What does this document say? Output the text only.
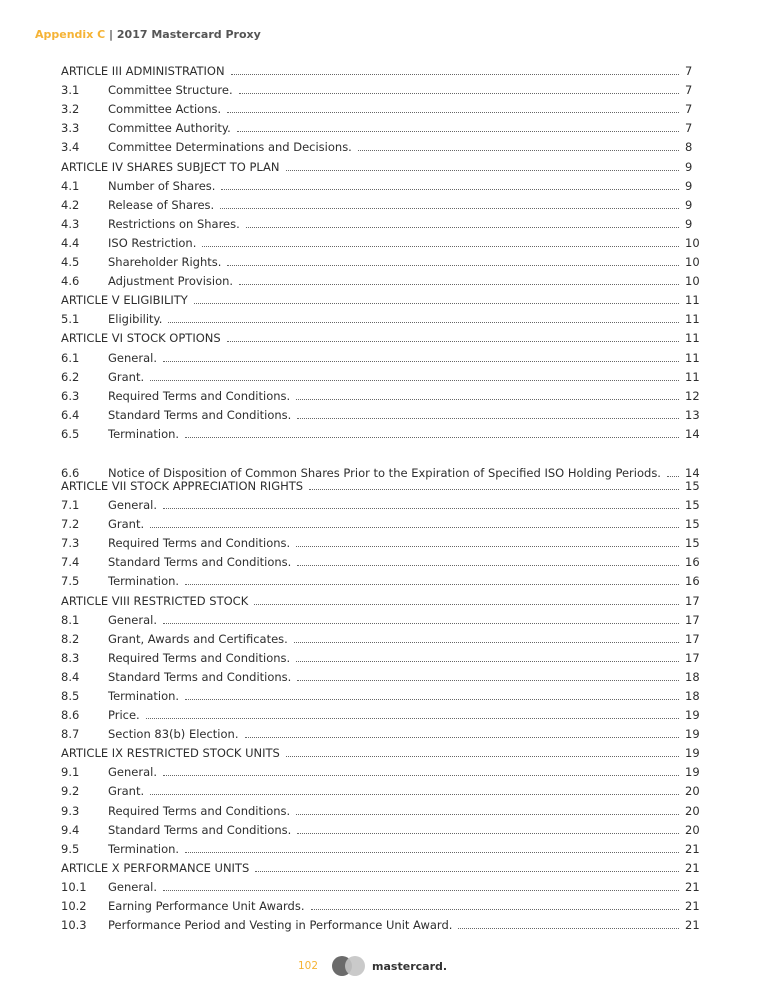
Appendix C | 2017 Mastercard Proxy
ARTICLE III ADMINISTRATION	7
3.1	Committee Structure.	7
3.2	Committee Actions.	7
3.3	Committee Authority.	7
3.4	Committee Determinations and Decisions.	8
ARTICLE IV SHARES SUBJECT TO PLAN	9
4.1	Number of Shares.	9
4.2	Release of Shares.	9
4.3	Restrictions on Shares.	9
4.4	ISO Restriction.	10
4.5	Shareholder Rights.	10
4.6	Adjustment Provision.	10
ARTICLE V ELIGIBILITY	11
5.1	Eligibility.	11
ARTICLE VI STOCK OPTIONS	11
6.1	General.	11
6.2	Grant.	11
6.3	Required Terms and Conditions.	12
6.4	Standard Terms and Conditions.	13
6.5	Termination.	14
6.6	Notice of Disposition of Common Shares Prior to the Expiration of Specified ISO Holding Periods. 14
ARTICLE VII STOCK APPRECIATION RIGHTS	15
7.1	General.	15
7.2	Grant.	15
7.3	Required Terms and Conditions.	15
7.4	Standard Terms and Conditions.	16
7.5	Termination.	16
ARTICLE VIII RESTRICTED STOCK	17
8.1	General.	17
8.2	Grant, Awards and Certificates.	17
8.3	Required Terms and Conditions.	17
8.4	Standard Terms and Conditions.	18
8.5	Termination.	18
8.6	Price.	19
8.7	Section 83(b) Election.	19
ARTICLE IX RESTRICTED STOCK UNITS	19
9.1	General.	19
9.2	Grant.	20
9.3	Required Terms and Conditions.	20
9.4	Standard Terms and Conditions.	20
9.5	Termination.	21
ARTICLE X PERFORMANCE UNITS	21
10.1	General.	21
10.2	Earning Performance Unit Awards.	21
10.3	Performance Period and Vesting in Performance Unit Award.	21
102	mastercard.
